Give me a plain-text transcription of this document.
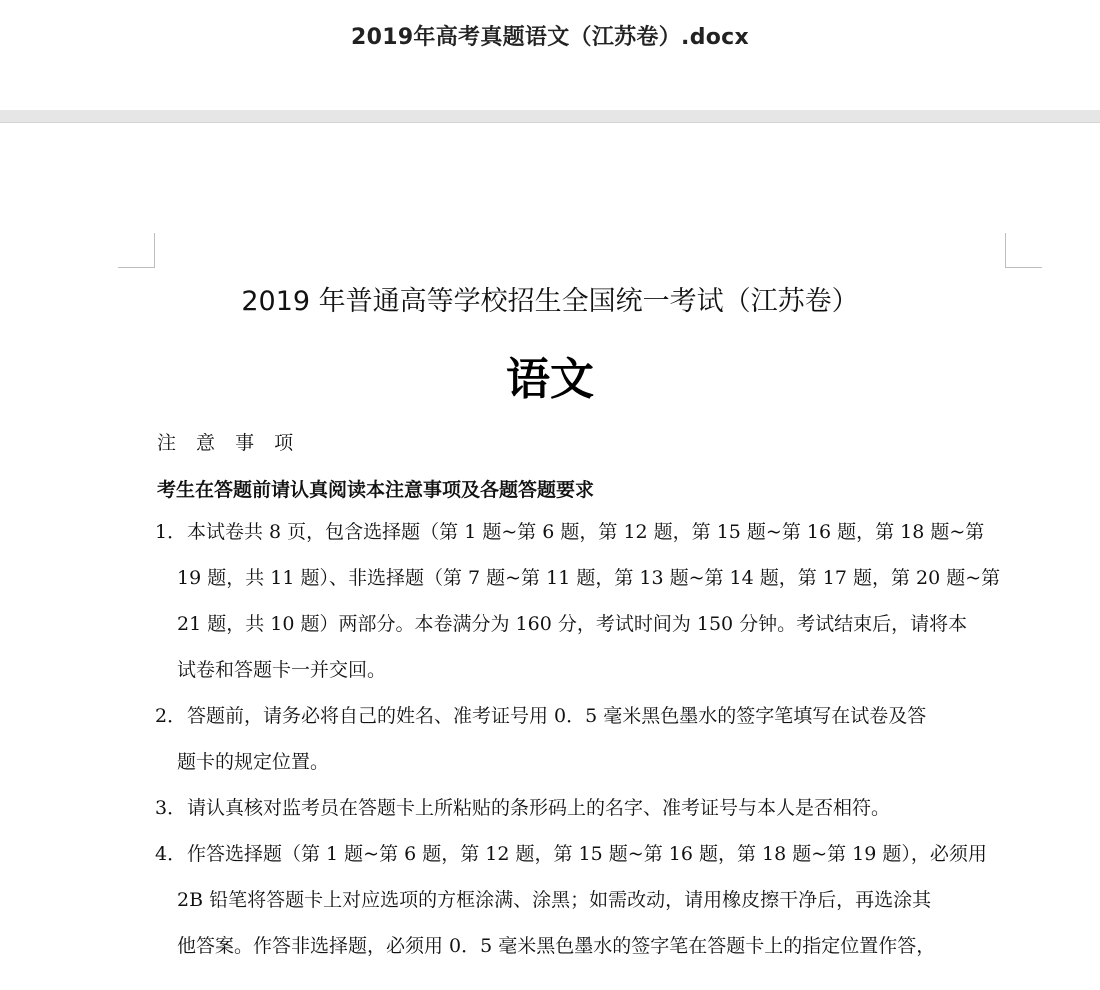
2019年高考真题语文（江苏卷）.docx
2019 年普通高等学校招生全国统一考试（江苏卷）
语文
注 意 事 项
考生在答题前请认真阅读本注意事项及各题答题要求
1． 本试卷共 8 页，包含选择题（第 1 题~第 6 题，第 12 题，第 15 题~第 16 题，第 18 题~第
19 题，共 11 题）、非选择题（第 7 题~第 11 题，第 13 题~第 14 题，第 17 题，第 20 题~第
21 题，共 10 题）两部分。本卷满分为 160 分，考试时间为 150 分钟。考试结束后，请将本
试卷和答题卡一并交回。
2． 答题前，请务必将自己的姓名、准考证号用 0．5 毫米黑色墨水的签字笔填写在试卷及答
题卡的规定位置。
3． 请认真核对监考员在答题卡上所粘贴的条形码上的名字、准考证号与本人是否相符。
4． 作答选择题（第 1 题~第 6 题，第 12 题，第 15 题~第 16 题，第 18 题~第 19 题），必须用
2B 铅笔将答题卡上对应选项的方框涂满、涂黑；如需改动，请用橡皮擦干净后，再选涂其
他答案。作答非选择题，必须用 0．5 毫米黑色墨水的签字笔在答题卡上的指定位置作答，
